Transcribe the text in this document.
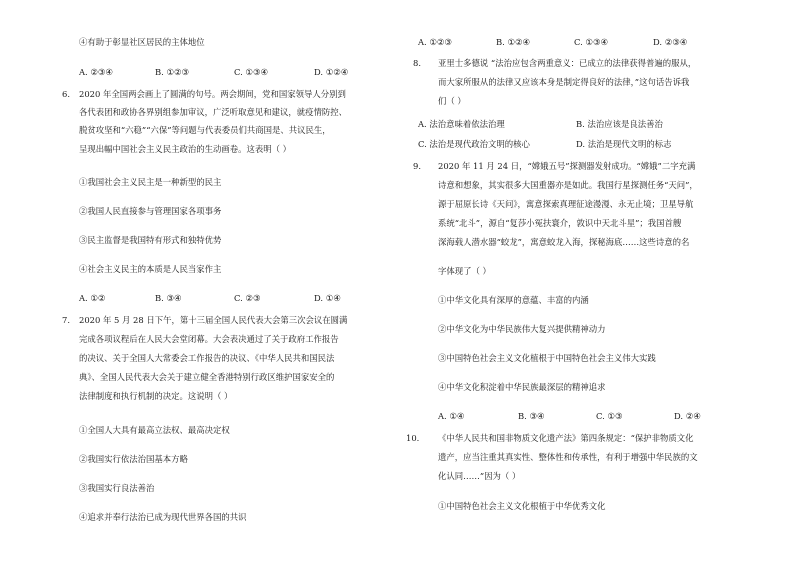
④有助于彰显社区居民的主体地位
A. ②③④	B. ①②③	C. ①③④	D. ①②④
6. 2020 年全国两会画上了圆满的句号。两会期间，党和国家领导人分别到
各代表团和政协各界别组参加审议，广泛听取意见和建议，就疫情防控、
脱贫攻坚和“六稳”“六保”等问题与代表委员们共商国是、共议民生，
呈现出幅中国社会主义民主政治的生动画卷。这表明（ ）
①我国社会主义民主是一种新型的民主
②我国人民直接参与管理国家各项事务
③民主监督是我国特有形式和独特优势
④社会主义民主的本质是人民当家作主
A. ①②	B. ③④	C. ②③	D. ①④
7. 2020 年 5 月 28 日下午，第十三届全国人民代表大会第三次会议在圆满
完成各项议程后在人民大会堂闭幕。大会表决通过了关于政府工作报告
的决议、关于全国人大常委会工作报告的决议、《中华人民共和国民法
典》、全国人民代表大会关于建立健全香港特别行政区维护国家安全的
法律制度和执行机制的决定。这说明（ ）
①全国人大具有最高立法权、最高决定权
②我国实行依法治国基本方略
③我国实行良法善治
④追求并奉行法治已成为现代世界各国的共识
A. ①②③	B. ①②④	C. ①③④	D. ②③④
8. 亚里士多德说 “法治应包含两重意义：已成立的法律获得普遍的服从，
而大家所服从的法律又应该本身是制定得良好的法律，”这句话告诉我
们（ ）
A. 法治意味着依法治理	B. 法治应该是良法善治
C. 法治是现代政治文明的核心	D. 法治是现代文明的标志
9. 2020 年 11 月 24 日，“嫦娥五号”探测器发射成功。“嫦娥”二字充满
诗意和想象，其实很多大国重器亦是如此。我国行星探测任务“天问”，
源于屈原长诗《天问》，寓意探索真理征途漫漫、永无止境；卫星导航
系统“北斗”，源自“复莎小冤扶寰介，敦识中天北斗星”；我国首艘
深海载人潜水器“蛟龙”，寓意蛟龙入海，探秘海底……这些诗意的名
字体现了（ ）
①中华文化具有深厚的意蕴、丰富的内涵
②中华文化为中华民族伟大复兴提供精神动力
③中国特色社会主义文化植根于中国特色社会主义伟大实践
④中华文化积淀着中华民族最深层的精神追求
A. ①④	B. ③④	C. ①③	D. ②④
10. 《中华人民共和国非物质文化遗产法》第四条规定：“保护非物质文化
遗产，应当注重其真实性、整体性和传承性，有利于增强中华民族的文
化认同……”因为（ ）
①中国特色社会主义文化根植于中华优秀文化
